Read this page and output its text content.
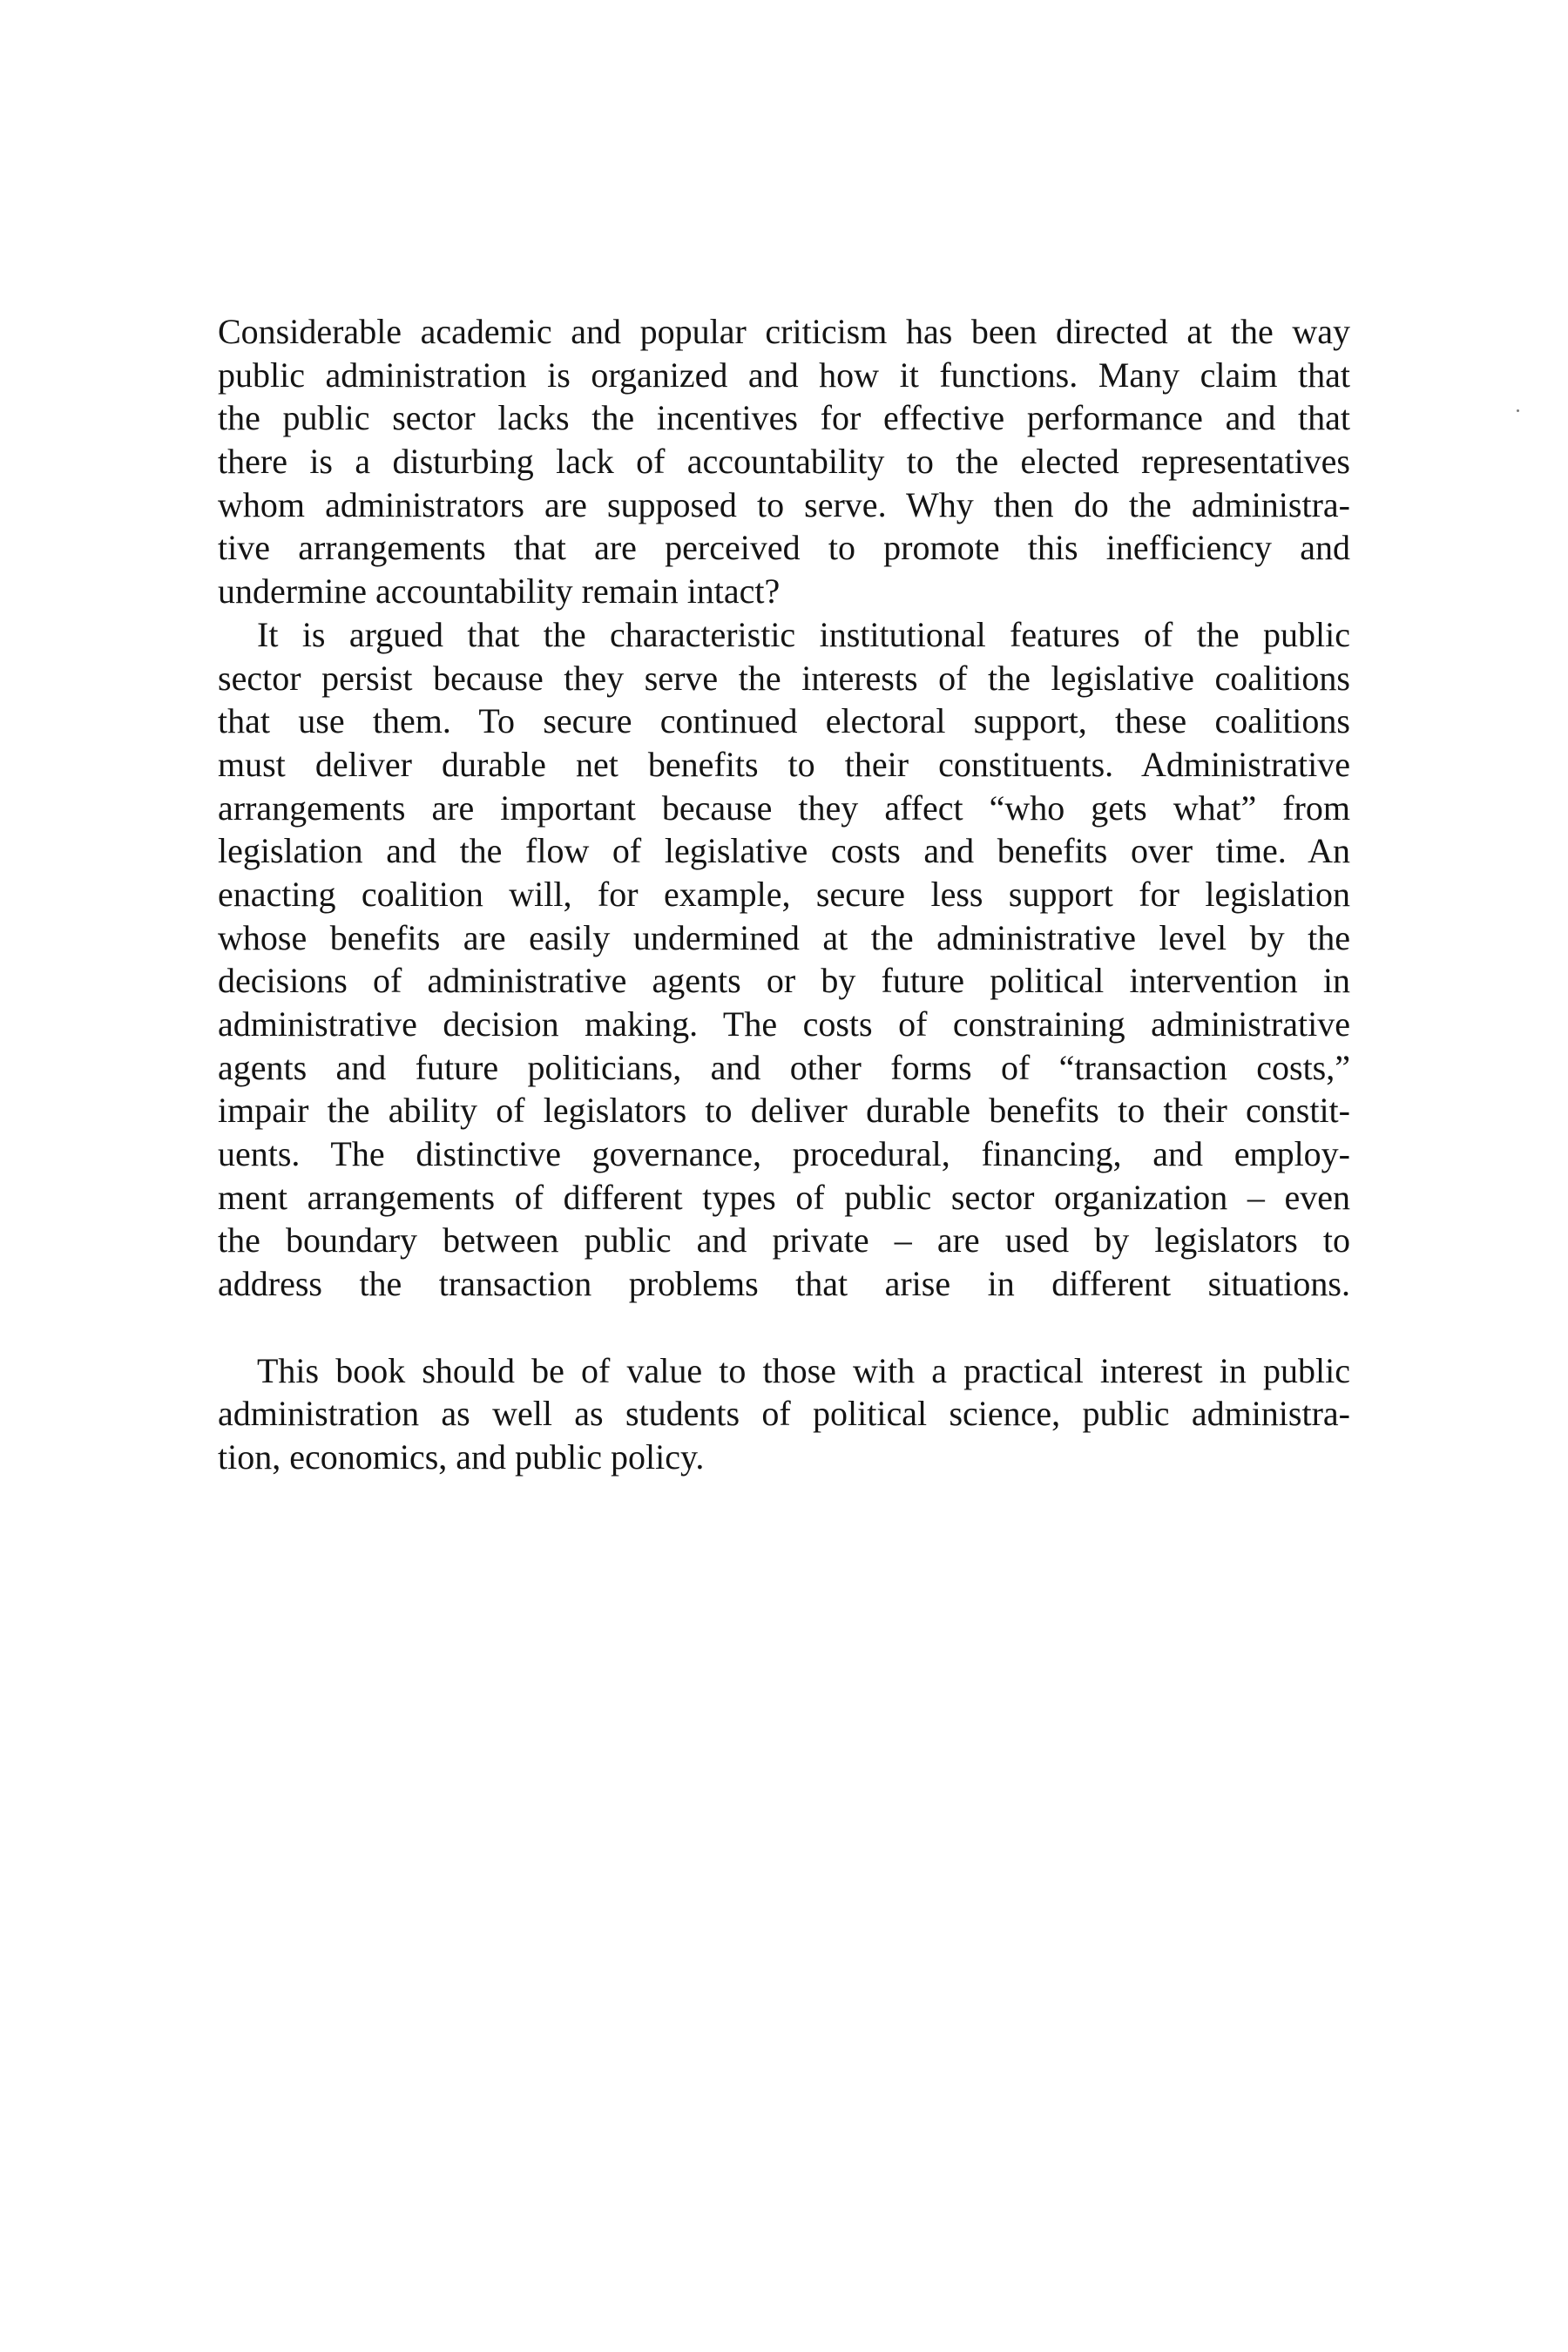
Considerable academic and popular criticism has been directed at the way
public administration is organized and how it functions. Many claim that
the public sector lacks the incentives for effective performance and that
there is a disturbing lack of accountability to the elected representatives
whom administrators are supposed to serve. Why then do the administra-
tive arrangements that are perceived to promote this inefficiency and
undermine accountability remain intact?
It is argued that the characteristic institutional features of the public
sector persist because they serve the interests of the legislative coalitions
that use them. To secure continued electoral support, these coalitions
must deliver durable net benefits to their constituents. Administrative
arrangements are important because they affect “who gets what” from
legislation and the flow of legislative costs and benefits over time. An
enacting coalition will, for example, secure less support for legislation
whose benefits are easily undermined at the administrative level by the
decisions of administrative agents or by future political intervention in
administrative decision making. The costs of constraining administrative
agents and future politicians, and other forms of “transaction costs,”
impair the ability of legislators to deliver durable benefits to their constit-
uents. The distinctive governance, procedural, financing, and employ-
ment arrangements of different types of public sector organization – even
the boundary between public and private – are used by legislators to
address the transaction problems that arise in different situations.
This book should be of value to those with a practical interest in public
administration as well as students of political science, public administra-
tion, economics, and public policy.
